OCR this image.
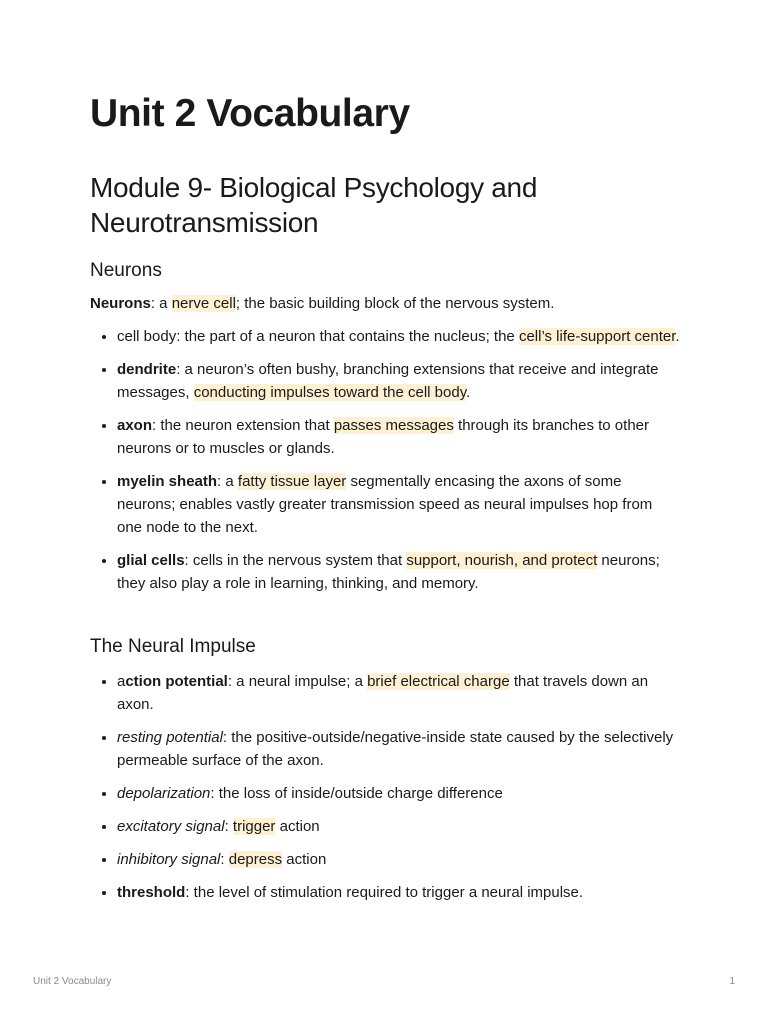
Unit 2 Vocabulary
Module 9- Biological Psychology and Neurotransmission
Neurons

Neurons: a nerve cell; the basic building block of the nervous system.

• cell body: the part of a neuron that contains the nucleus; the cell’s life-support center.
• dendrite: a neuron’s often bushy, branching extensions that receive and integrate messages, conducting impulses toward the cell body.
• axon: the neuron extension that passes messages through its branches to other neurons or to muscles or glands.
• myelin sheath: a fatty tissue layer segmentally encasing the axons of some neurons; enables vastly greater transmission speed as neural impulses hop from one node to the next.
• glial cells: cells in the nervous system that support, nourish, and protect neurons; they also play a role in learning, thinking, and memory.
The Neural Impulse
• action potential: a neural impulse; a brief electrical charge that travels down an axon.
• resting potential: the positive-outside/negative-inside state caused by the selectively permeable surface of the axon.
• depolarization: the loss of inside/outside charge difference
• excitatory signal: trigger action
• inhibitory signal: depress action
• threshold: the level of stimulation required to trigger a neural impulse.
Unit 2 Vocabulary	1
